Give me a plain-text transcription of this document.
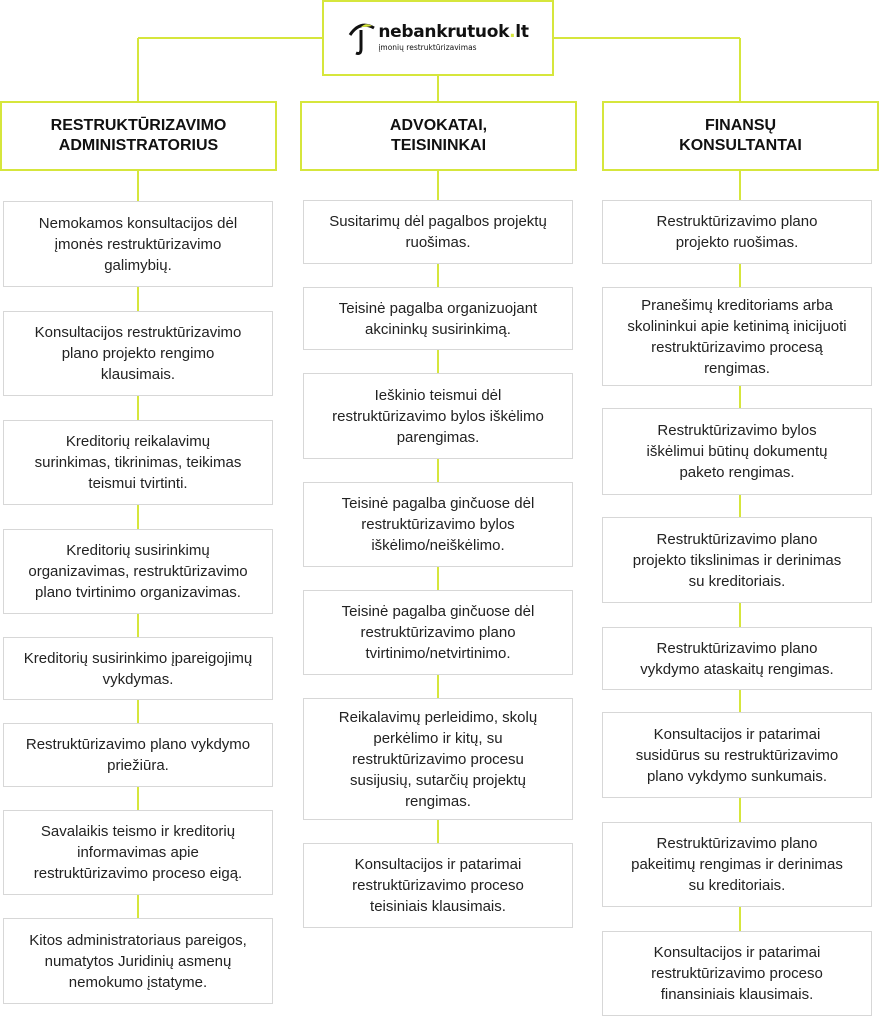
nebankrutuok.lt
įmonių restruktūrizavimas
RESTRUKTŪRIZAVIMO
ADMINISTRATORIUS
ADVOKATAI,
TEISININKAI
FINANSŲ
KONSULTANTAI
Nemokamos konsultacijos dėl
įmonės restruktūrizavimo
galimybių.
Konsultacijos restruktūrizavimo
plano projekto rengimo
klausimais.
Kreditorių reikalavimų
surinkimas, tikrinimas, teikimas
teismui tvirtinti.
Kreditorių susirinkimų
organizavimas, restruktūrizavimo
plano tvirtinimo organizavimas.
Kreditorių susirinkimo įpareigojimų
vykdymas.
Restruktūrizavimo plano vykdymo
priežiūra.
Savalaikis teismo ir kreditorių
informavimas apie
restruktūrizavimo proceso eigą.
Kitos administratoriaus pareigos,
numatytos Juridinių asmenų
nemokumo įstatyme.
Susitarimų dėl pagalbos projektų
ruošimas.
Teisinė pagalba organizuojant
akcininkų susirinkimą.
Ieškinio teismui dėl
restruktūrizavimo bylos iškėlimo
parengimas.
Teisinė pagalba ginčuose dėl
restruktūrizavimo bylos
iškėlimo/neiškėlimo.
Teisinė pagalba ginčuose dėl
restruktūrizavimo plano
tvirtinimo/netvirtinimo.
Reikalavimų perleidimo, skolų
perkėlimo ir kitų, su
restruktūrizavimo procesu
susijusių, sutarčių projektų
rengimas.
Konsultacijos ir patarimai
restruktūrizavimo proceso
teisiniais klausimais.
Restruktūrizavimo plano
projekto ruošimas.
Pranešimų kreditoriams arba
skolininkui apie ketinimą inicijuoti
restruktūrizavimo procesą
rengimas.
Restruktūrizavimo bylos
iškėlimui būtinų dokumentų
paketo rengimas.
Restruktūrizavimo plano
projekto tikslinimas ir derinimas
su kreditoriais.
Restruktūrizavimo plano
vykdymo ataskaitų rengimas.
Konsultacijos ir patarimai
susidūrus su restruktūrizavimo
plano vykdymo sunkumais.
Restruktūrizavimo plano
pakeitimų rengimas ir derinimas
su kreditoriais.
Konsultacijos ir patarimai
restruktūrizavimo proceso
finansiniais klausimais.
